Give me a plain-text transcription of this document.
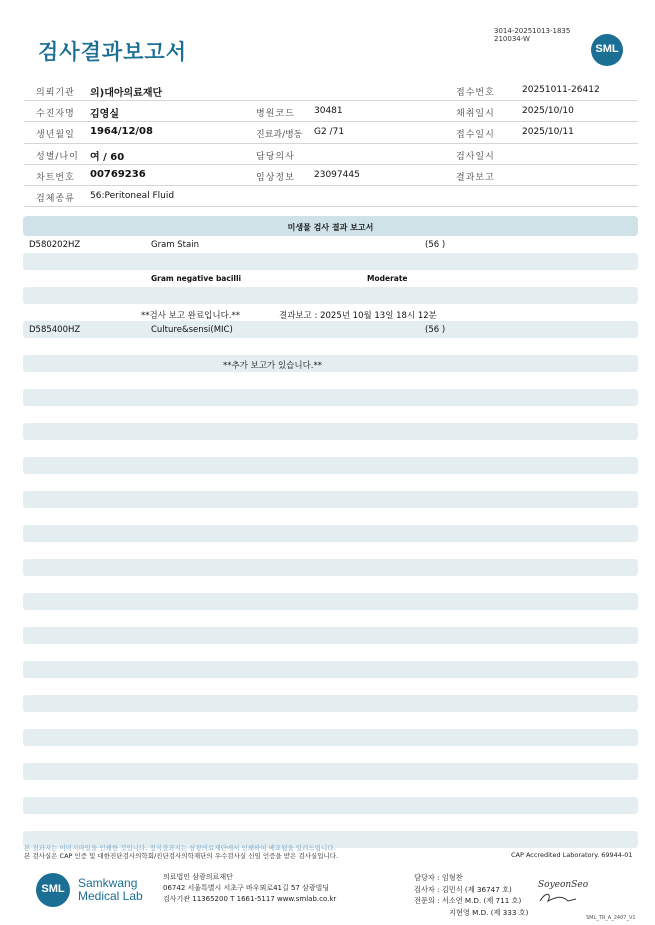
검사결과보고서
3014-20251013-1835
210034-W
SML
의뢰기관 의)대아의료재단	접수번호	20251011-26412
수진자명 김영실	병원코드 30481	채취일시	2025/10/10
생년월일 1964/12/08	진료과/병동 G2 /71	접수일시	2025/10/11
성별/나이 여 / 60	담당의사	검사일시
차트번호 00769236	임상정보 23097445	결과보고
검체종류 56:Peritoneal Fluid
미생물 검사 결과 보고서
D580202HZ	Gram Stain	(56 )
Gram negative bacilli	Moderate
**검사 보고 완료입니다.**	결과보고 : 2025년 10월 13일 18시 12분
D585400HZ	Culture&sensi(MIC)	(56 )
**추가 보고가 있습니다.**
본 결과지는 이미지파일을 인쇄한 것입니다. 정식결과지는 삼광의료재단에서 인쇄하여 배포됨을 알려드립니다.
본 검사실은 CAP 인증 및 대한진단검사의학회/진단검사의학재단의 우수검사실 신임 인증을 받은 검사실입니다.	CAP Accredited Laboratory. 69944-01
SML	Samkwang
Medical Lab
의료법인 삼광의료재단
06742 서울특별시 서초구 바우뫼로41길 57 삼광빌딩
검사기관 11365200 T 1661-5117 www.smlab.co.kr
담당자 : 임형찬
검사자 : 김민식 (제 36747 호)
전문의 : 서소연 M.D. (제 711 호)
지현영 M.D. (제 333 호)
SoyeonSeo
SML_TR_A_2407_V1
